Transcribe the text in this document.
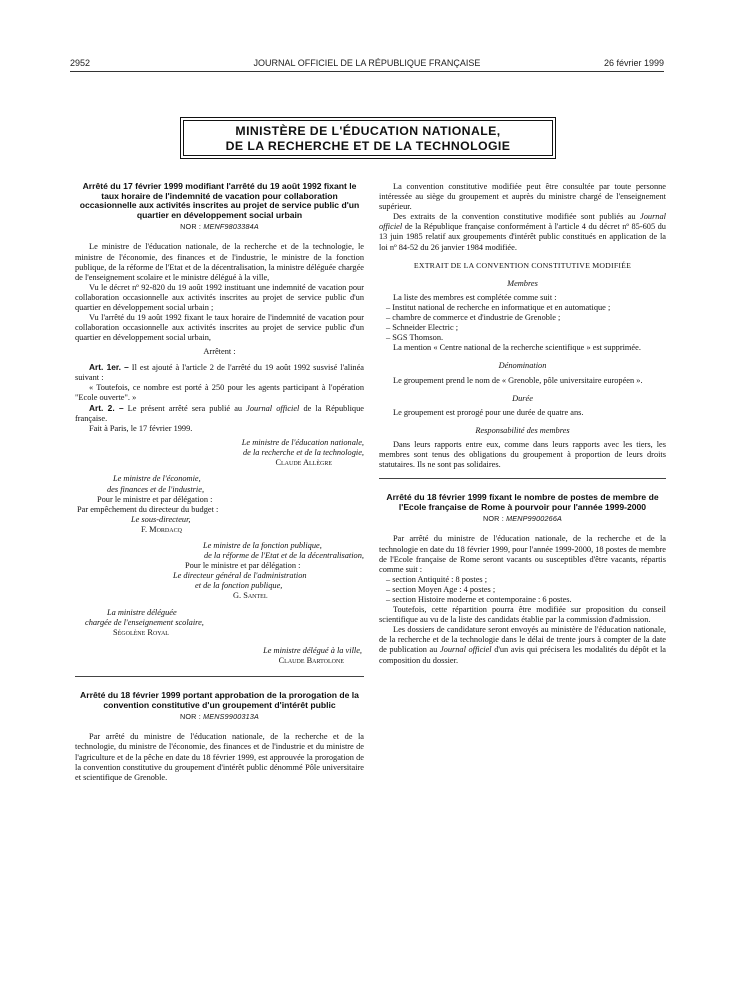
2952	JOURNAL OFFICIEL DE LA RÉPUBLIQUE FRANÇAISE	26 février 1999
MINISTÈRE DE L'ÉDUCATION NATIONALE,
DE LA RECHERCHE ET DE LA TECHNOLOGIE
Arrêté du 17 février 1999 modifiant l'arrêté du 19 août 1992 fixant le taux horaire de l'indemnité de vacation pour collaboration occasionnelle aux activités inscrites au projet de service public d'un quartier en développement social urbain
NOR : MENF9803384A

Le ministre de l'éducation nationale, de la recherche et de la technologie, le ministre de l'économie, des finances et de l'industrie, le ministre de la fonction publique, de la réforme de l'Etat et de la décentralisation, la ministre déléguée chargée de l'enseignement scolaire et le ministre délégué à la ville,

Vu le décret nº 92-820 du 19 août 1992 instituant une indemnité de vacation pour collaboration occasionnelle aux activités inscrites au projet de service public d'un quartier en développement social urbain ;

Vu l'arrêté du 19 août 1992 fixant le taux horaire de l'indemnité de vacation pour collaboration occasionnelle aux activités inscrites au projet de service public d'un quartier en développement social urbain,

Arrêtent :

Art. 1er. – Il est ajouté à l'article 2 de l'arrêté du 19 août 1992 susvisé l'alinéa suivant :

« Toutefois, ce nombre est porté à 250 pour les agents participant à l'opération "Ecole ouverte". »

Art. 2. – Le présent arrêté sera publié au Journal officiel de la République française.

Fait à Paris, le 17 février 1999.

Le ministre de l'éducation nationale,
de la recherche et de la technologie,
Claude Allègre
Le ministre de l'économie,
des finances et de l'industrie,
Pour le ministre et par délégation :
Par empêchement du directeur du budget :
Le sous-directeur,
F. Mordacq
Le ministre de la fonction publique,
de la réforme de l'Etat et de la décentralisation,
Pour le ministre et par délégation :
Le directeur général de l'administration
et de la fonction publique,
G. Santel
La ministre déléguée
chargée de l'enseignement scolaire,
Ségolène Royal
Le ministre délégué à la ville,
Claude Bartolone
Arrêté du 18 février 1999 portant approbation de la prorogation de la convention constitutive d'un groupement d'intérêt public
NOR : MENS9900313A

Par arrêté du ministre de l'éducation nationale, de la recherche et de la technologie, du ministre de l'économie, des finances et de l'industrie et du ministre de l'agriculture et de la pêche en date du 18 février 1999, est approuvée la prorogation de la convention constitutive du groupement d'intérêt public dénommé Pôle universitaire et scientifique de Grenoble.

La convention constitutive modifiée peut être consultée par toute personne intéressée au siège du groupement et auprès du ministre chargé de l'enseignement supérieur.

Des extraits de la convention constitutive modifiée sont publiés au Journal officiel de la République française conformément à l'article 4 du décret nº 85-605 du 13 juin 1985 relatif aux groupements d'intérêt public constitués en application de la loi nº 84-52 du 26 janvier 1984 modifiée.

EXTRAIT DE LA CONVENTION CONSTITUTIVE MODIFIÉE
Membres

La liste des membres est complétée comme suit :

– Institut national de recherche en informatique et en automatique ;
– chambre de commerce et d'industrie de Grenoble ;
– Schneider Electric ;
– SGS Thomson.

La mention « Centre national de la recherche scientifique » est supprimée.

Dénomination

Le groupement prend le nom de « Grenoble, pôle universitaire européen ».

Durée

Le groupement est prorogé pour une durée de quatre ans.

Responsabilité des membres

Dans leurs rapports entre eux, comme dans leurs rapports avec les tiers, les membres sont tenus des obligations du groupement à proportion de leurs droits statutaires. Ils ne sont pas solidaires.

Arrêté du 18 février 1999 fixant le nombre de postes de membre de l'Ecole française de Rome à pourvoir pour l'année 1999-2000
NOR : MENP9900266A

Par arrêté du ministre de l'éducation nationale, de la recherche et de la technologie en date du 18 février 1999, pour l'année 1999-2000, 18 postes de membre de l'Ecole française de Rome seront vacants ou susceptibles d'être vacants, répartis comme suit :

– section Antiquité : 8 postes ;
– section Moyen Age : 4 postes ;
– section Histoire moderne et contemporaine : 6 postes.

Toutefois, cette répartition pourra être modifiée sur proposition du conseil scientifique au vu de la liste des candidats établie par la commission d'admission.

Les dossiers de candidature seront envoyés au ministère de l'éducation nationale, de la recherche et de la technologie dans le délai de trente jours à compter de la date de publication au Journal officiel d'un avis qui précisera les modalités du dépôt et la composition du dossier.
